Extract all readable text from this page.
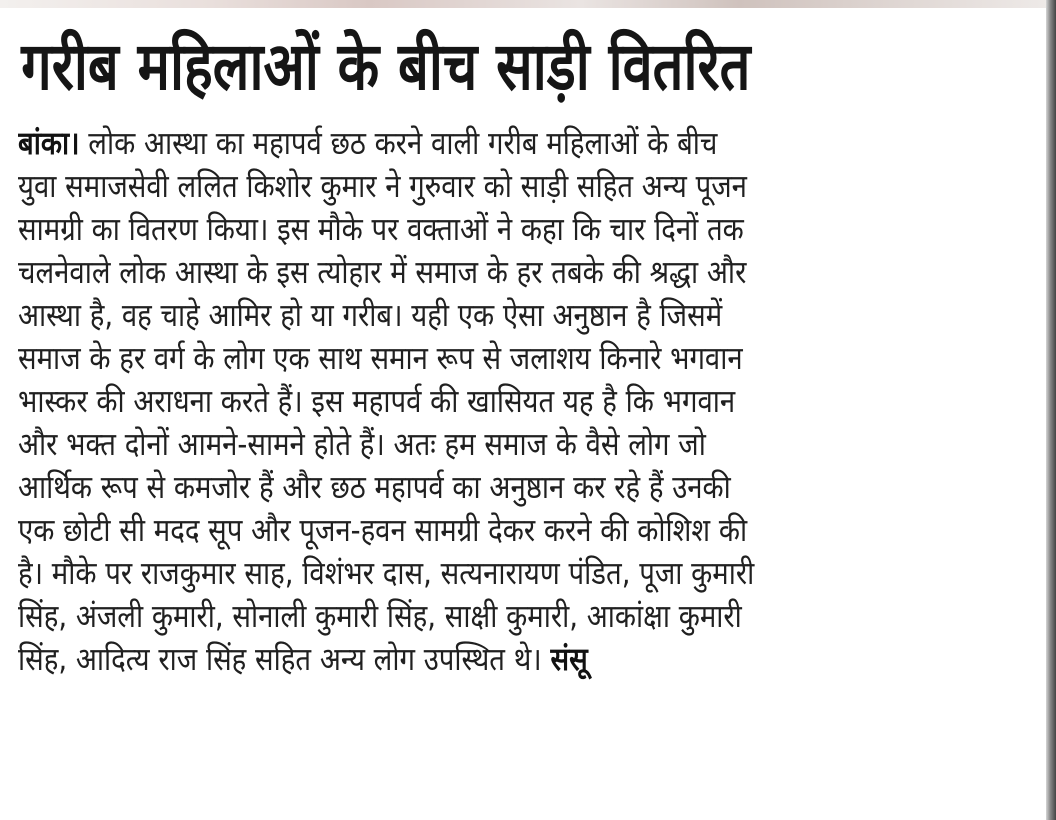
गरीब महिलाओं के बीच साड़ी वितरित
बांका। लोक आस्था का महापर्व छठ करने वाली गरीब महिलाओं के बीच
युवा समाजसेवी ललित किशोर कुमार ने गुरुवार को साड़ी सहित अन्य पूजन
सामग्री का वितरण किया। इस मौके पर वक्ताओं ने कहा कि चार दिनों तक
चलनेवाले लोक आस्था के इस त्योहार में समाज के हर तबके की श्रद्धा और
आस्था है, वह चाहे आमिर हो या गरीब। यही एक ऐसा अनुष्ठान है जिसमें
समाज के हर वर्ग के लोग एक साथ समान रूप से जलाशय किनारे भगवान
भास्कर की अराधना करते हैं। इस महापर्व की खासियत यह है कि भगवान
और भक्त दोनों आमने-सामने होते हैं। अतः हम समाज के वैसे लोग जो
आर्थिक रूप से कमजोर हैं और छठ महापर्व का अनुष्ठान कर रहे हैं उनकी
एक छोटी सी मदद सूप और पूजन-हवन सामग्री देकर करने की कोशिश की
है। मौके पर राजकुमार साह, विशंभर दास, सत्यनारायण पंडित, पूजा कुमारी
सिंह, अंजली कुमारी, सोनाली कुमारी सिंह, साक्षी कुमारी, आकांक्षा कुमारी
सिंह, आदित्य राज सिंह सहित अन्य लोग उपस्थित थे। संसू
